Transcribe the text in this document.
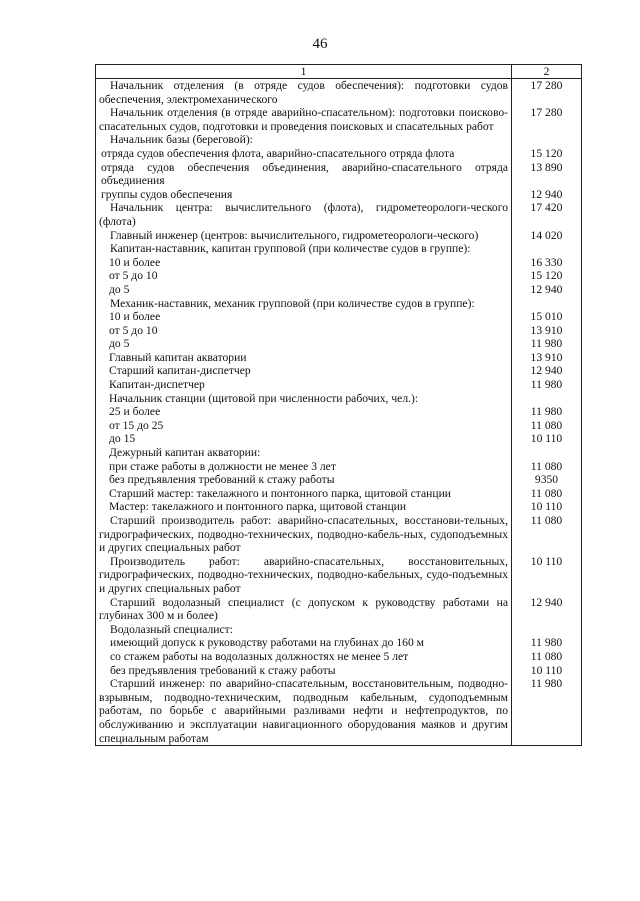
46
1	2

Начальник отделения (в отряде судов обеспечения): подготовки судов обеспечения, электромеханического	17 280

Начальник отделения (в отряде аварийно-спасательном): подготовки поисково-спасательных судов, подготовки и проведения поисковых и спасательных работ	17 280

Начальник базы (береговой):	

отряда судов обеспечения флота, аварийно-спасательного отряда флота	15 120

отряда судов обеспечения объединения, аварийно-спасательного отряда объединения	13 890

группы судов обеспечения	12 940

Начальник центра: вычислительного (флота), гидрометеорологи-ческого (флота)	17 420

Главный инженер (центров: вычислительного, гидрометеорологи-ческого)	14 020

Капитан-наставник, капитан групповой (при количестве судов в группе):	

10 и более	16 330

от 5 до 10	15 120

до 5	12 940

Механик-наставник, механик групповой (при количестве судов в группе):	

10 и более	15 010

от 5 до 10	13 910

до 5	11 980

Главный капитан акватории	13 910

Старший капитан-диспетчер	12 940

Капитан-диспетчер	11 980

Начальник станции (щитовой при численности рабочих, чел.):	

25 и более	11 980

от 15 до 25	11 080

до 15	10 110

Дежурный капитан акватории:	

при стаже работы в должности не менее 3 лет	11 080

без предъявления требований к стажу работы	9350

Старший мастер: такелажного и понтонного парка, щитовой станции	11 080

Мастер: такелажного и понтонного парка, щитовой станции	10 110

Старший производитель работ: аварийно-спасательных, восстанови-тельных, гидрографических, подводно-технических, подводно-кабель-ных, судоподъемных и других специальных работ	11 080

Производитель работ: аварийно-спасательных, восстановительных, гидрографических, подводно-технических, подводно-кабельных, судо-подъемных и других специальных работ	10 110

Старший водолазный специалист (с допуском к руководству работами на глубинах 300 м и более)	12 940

Водолазный специалист:	

имеющий допуск к руководству работами на глубинах до 160 м	11 980

со стажем работы на водолазных должностях не менее 5 лет	11 080

без предъявления требований к стажу работы	10 110

Старший инженер: по аварийно-спасательным, восстановительным, подводно-взрывным, подводно-техническим, подводным кабельным, судоподъемным работам, по борьбе с аварийными разливами нефти и нефтепродуктов, по обслуживанию и эксплуатации навигационного оборудования маяков и другим специальным работам	11 980
